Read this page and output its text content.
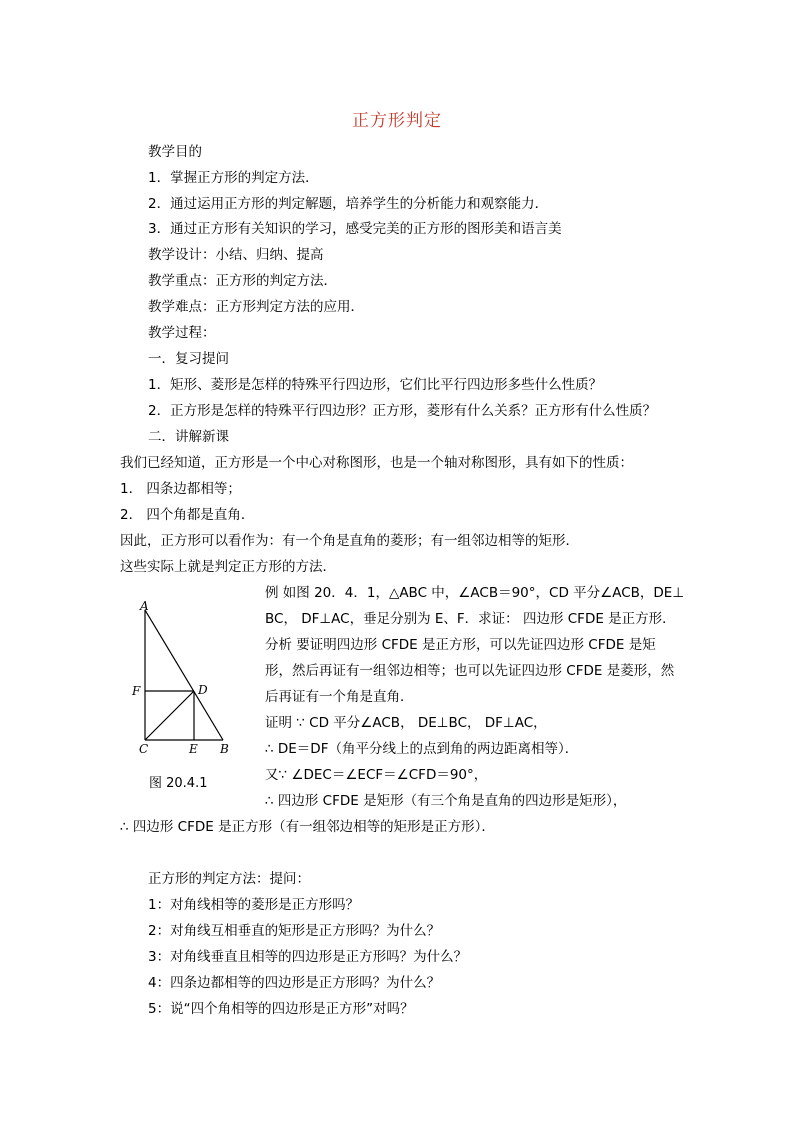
正方形判定
教学目的
1．掌握正方形的判定方法．
2．通过运用正方形的判定解题，培养学生的分析能力和观察能力．
3．通过正方形有关知识的学习，感受完美的正方形的图形美和语言美
教学设计：小结、归纳、提高
教学重点：正方形的判定方法．
教学难点：正方形判定方法的应用．
教学过程：
一．复习提问
1．矩形、菱形是怎样的特殊平行四边形，它们比平行四边形多些什么性质？
2．正方形是怎样的特殊平行四边形？正方形，菱形有什么关系？正方形有什么性质？
二．讲解新课
我们已经知道，正方形是一个中心对称图形，也是一个轴对称图形，具有如下的性质：
1． 四条边都相等；
2． 四个角都是直角．
因此，正方形可以看作为：有一个角是直角的菱形；有一组邻边相等的矩形．
这些实际上就是判定正方形的方法．
例 如图 20．4．1，△ABC 中，∠ACB＝90°，CD 平分∠ACB，DE⊥
BC， DF⊥AC，垂足分别为 E、F．求证： 四边形 CFDE 是正方形．
分析 要证明四边形 CFDE 是正方形，可以先证四边形 CFDE 是矩
形，然后再证有一组邻边相等；也可以先证四边形 CFDE 是菱形，然
后再证有一个角是直角．
证明 ∵ CD 平分∠ACB， DE⊥BC， DF⊥AC，
∴ DE＝DF（角平分线上的点到角的两边距离相等）．
又∵ ∠DEC＝∠ECF＝∠CFD＝90°，
∴ 四边形 CFDE 是矩形（有三个角是直角的四边形是矩形），
∴ 四边形 CFDE 是正方形（有一组邻边相等的矩形是正方形）．
正方形的判定方法：提问：
1：对角线相等的菱形是正方形吗？
2：对角线互相垂直的矩形是正方形吗？为什么？
3：对角线垂直且相等的四边形是正方形吗？为什么？
4：四条边都相等的四边形是正方形吗？为什么？
5：说“四个角相等的四边形是正方形”对吗？
A
F	D
C	E B
图 20.4.1
